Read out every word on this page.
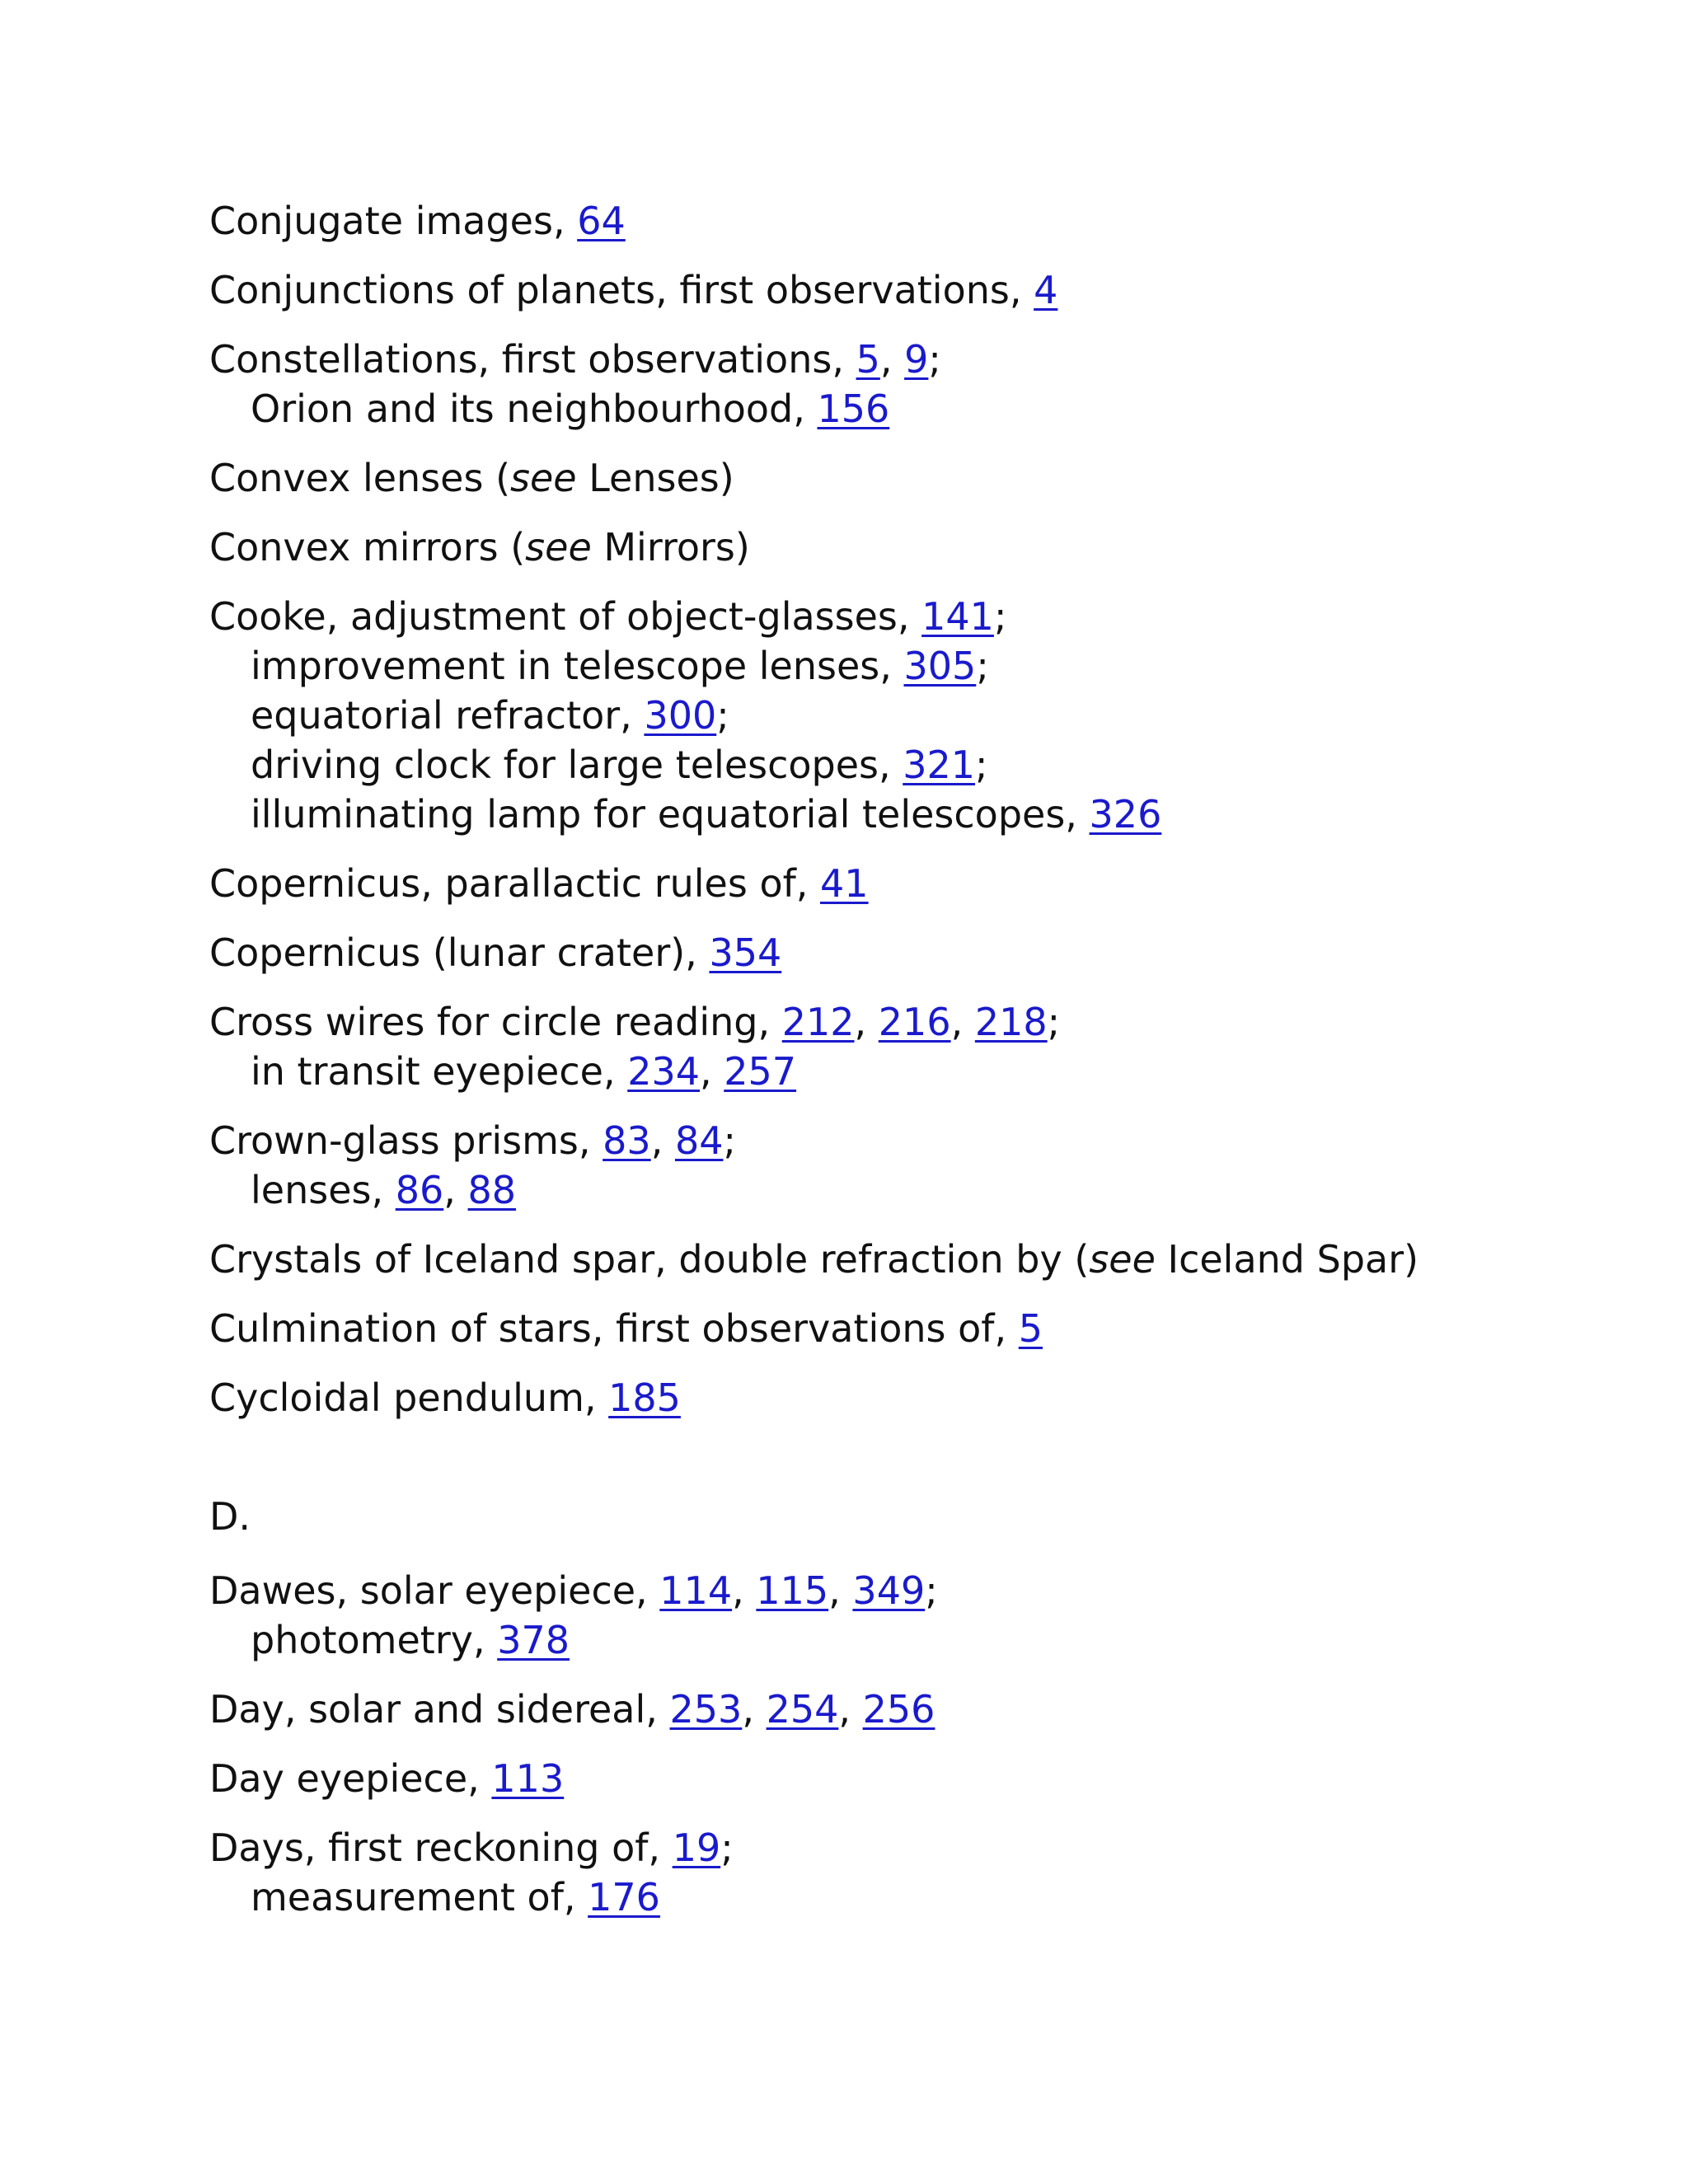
Conjugate images, 64
Conjunctions of planets, first observations, 4
Constellations, first observations, 5, 9;
Orion and its neighbourhood, 156
Convex lenses (see Lenses)
Convex mirrors (see Mirrors)
Cooke, adjustment of object-glasses, 141;
improvement in telescope lenses, 305;
equatorial refractor, 300;
driving clock for large telescopes, 321;
illuminating lamp for equatorial telescopes, 326
Copernicus, parallactic rules of, 41
Copernicus (lunar crater), 354
Cross wires for circle reading, 212, 216, 218;
in transit eyepiece, 234, 257
Crown-glass prisms, 83, 84;
lenses, 86, 88
Crystals of Iceland spar, double refraction by (see Iceland Spar)
Culmination of stars, first observations of, 5
Cycloidal pendulum, 185
D.
Dawes, solar eyepiece, 114, 115, 349;
photometry, 378
Day, solar and sidereal, 253, 254, 256
Day eyepiece, 113
Days, first reckoning of, 19;
measurement of, 176
